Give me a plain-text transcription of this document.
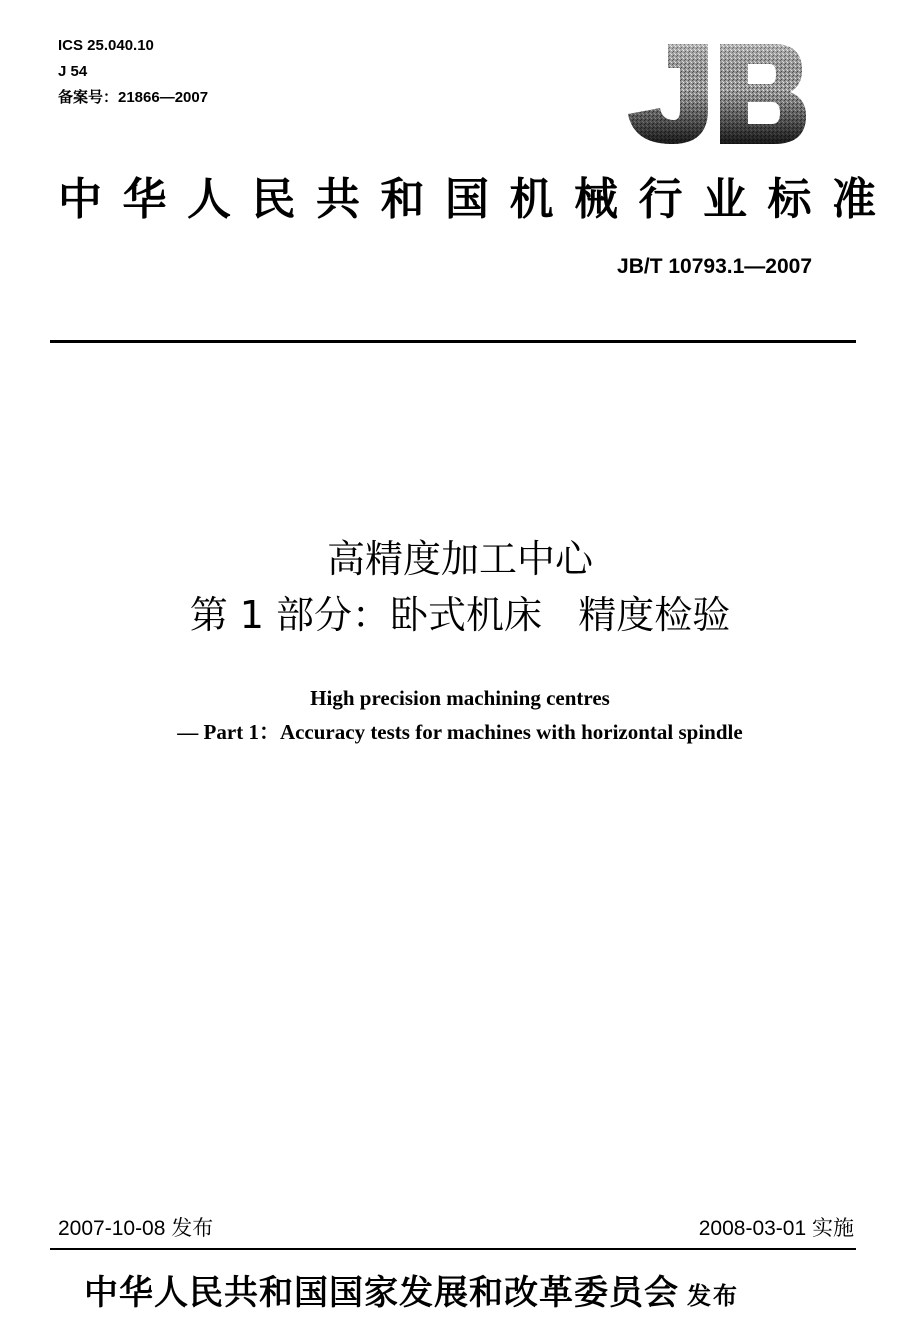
ICS 25.040.10
J 54
备案号：21866—2007
中华人民共和国机械行业标准
JB/T 10793.1—2007
高精度加工中心
第 1 部分：卧式机床   精度检验
High precision machining centres
— Part 1：Accuracy tests for machines with horizontal spindle
2007-10-08 发布	2008-03-01 实施
中华人民共和国国家发展和改革委员会 发布
